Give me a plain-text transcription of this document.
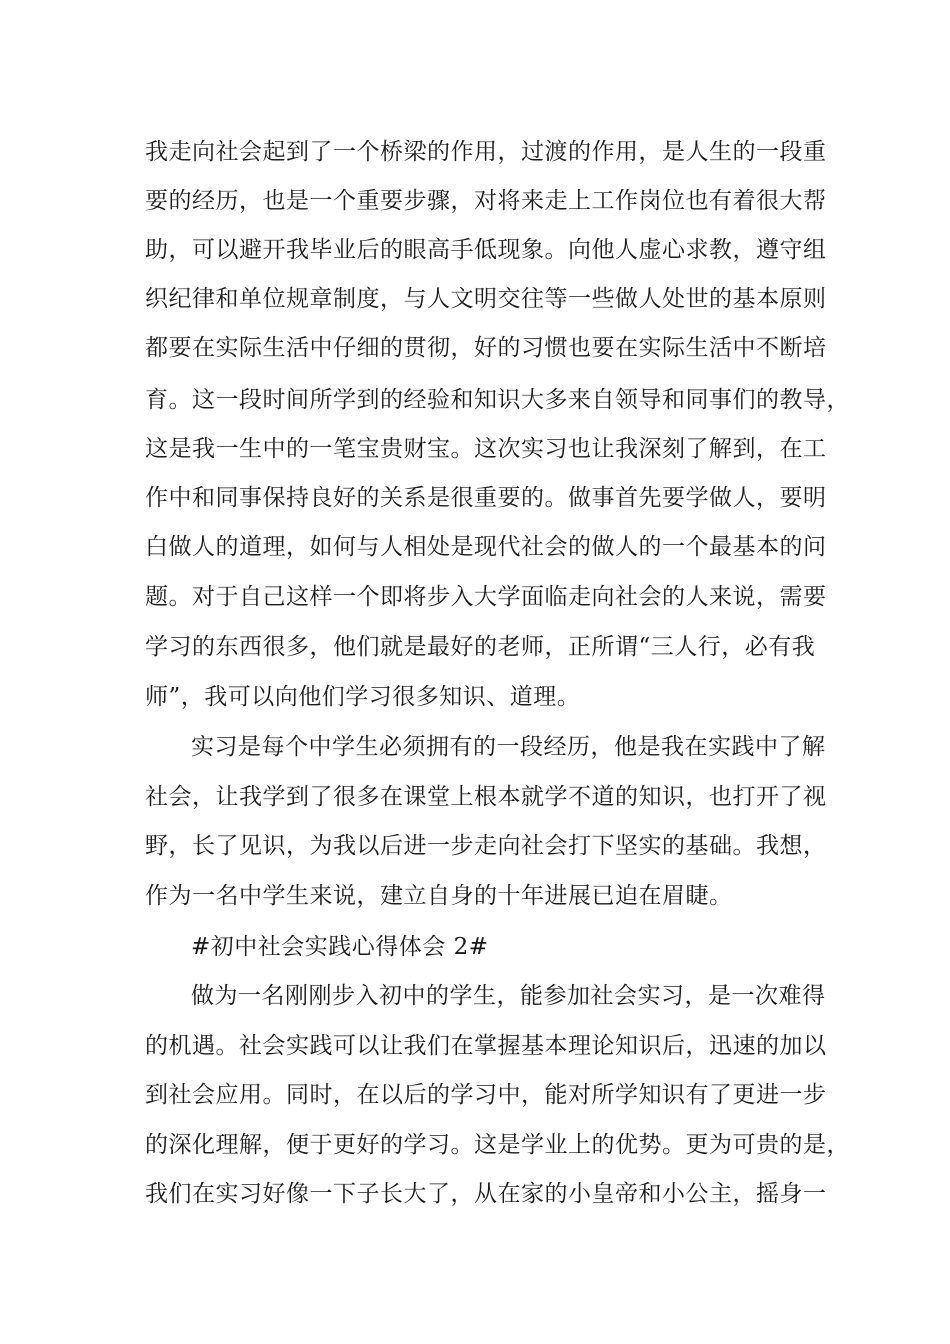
我走向社会起到了一个桥梁的作用，过渡的作用，是人生的一段重

要的经历，也是一个重要步骤，对将来走上工作岗位也有着很大帮

助，可以避开我毕业后的眼高手低现象。向他人虚心求教，遵守组

织纪律和单位规章制度，与人文明交往等一些做人处世的基本原则

都要在实际生活中仔细的贯彻，好的习惯也要在实际生活中不断培

育。这一段时间所学到的经验和知识大多来自领导和同事们的教导，

这是我一生中的一笔宝贵财宝。这次实习也让我深刻了解到，在工

作中和同事保持良好的关系是很重要的。做事首先要学做人，要明

白做人的道理，如何与人相处是现代社会的做人的一个最基本的问

题。对于自己这样一个即将步入大学面临走向社会的人来说，需要

学习的东西很多，他们就是最好的老师，正所谓“三人行，必有我

师”，我可以向他们学习很多知识、道理。

实习是每个中学生必须拥有的一段经历，他是我在实践中了解

社会，让我学到了很多在课堂上根本就学不道的知识，也打开了视

野，长了见识，为我以后进一步走向社会打下坚实的基础。我想，

作为一名中学生来说，建立自身的十年进展已迫在眉睫。

#初中社会实践心得体会 2#

做为一名刚刚步入初中的学生，能参加社会实习，是一次难得

的机遇。社会实践可以让我们在掌握基本理论知识后，迅速的加以

到社会应用。同时，在以后的学习中，能对所学知识有了更进一步

的深化理解，便于更好的学习。这是学业上的优势。更为可贵的是，

我们在实习好像一下子长大了，从在家的小皇帝和小公主，摇身一
